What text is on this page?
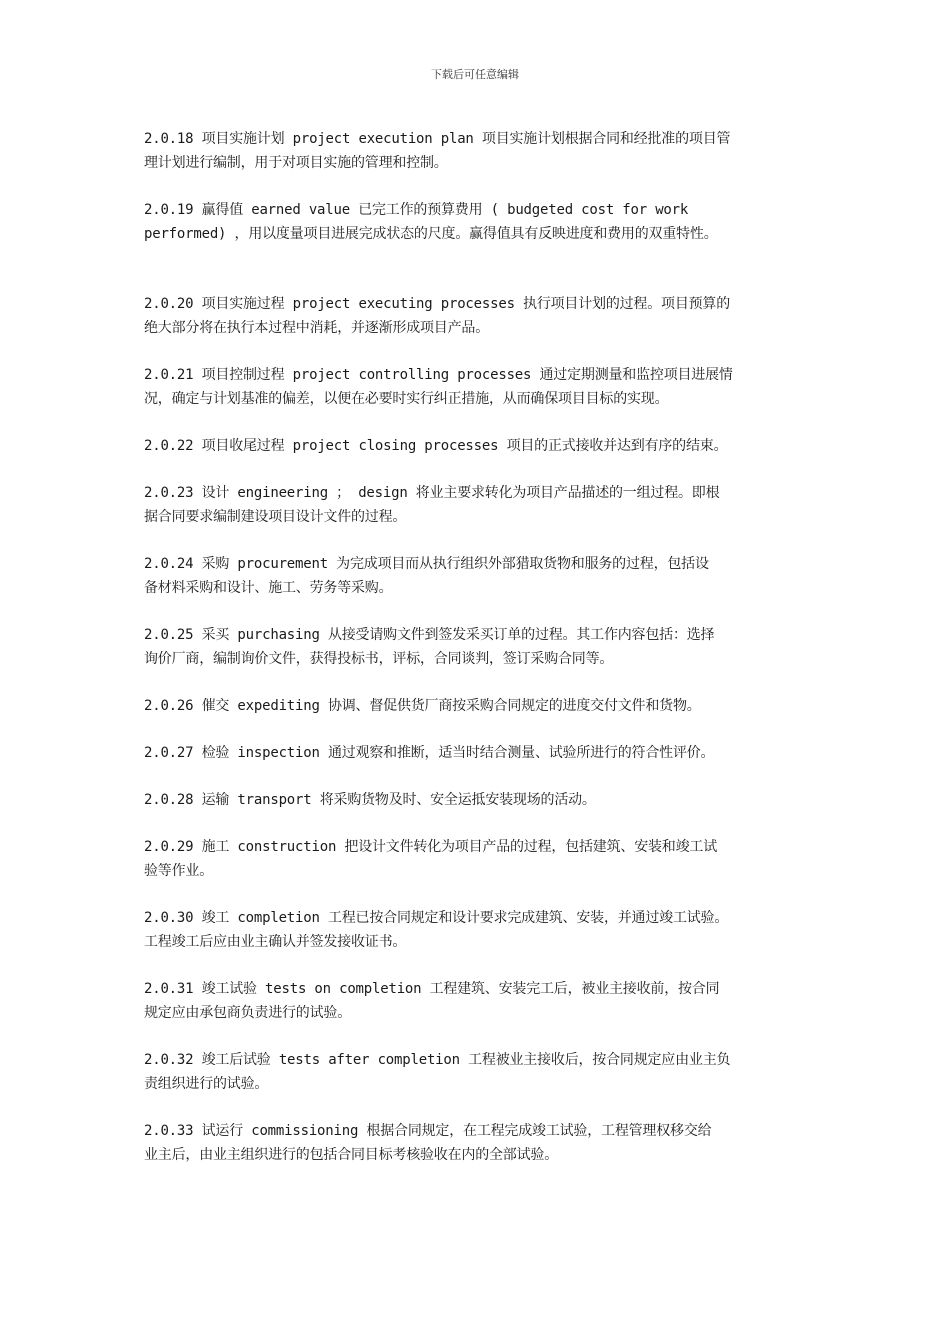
下载后可任意编辑

2.0.18 项目实施计划 project execution plan 项目实施计划根据合同和经批准的项目管
理计划进行编制，用于对项目实施的管理和控制。

2.0.19 赢得值 earned value 已完工作的预算费用 ( budgeted cost for work
performed) ，用以度量项目进展完成状态的尺度。赢得值具有反映进度和费用的双重特性。

2.0.20 项目实施过程 project executing processes 执行项目计划的过程。项目预算的
绝大部分将在执行本过程中消耗，并逐渐形成项目产品。

2.0.21 项目控制过程 project controlling processes 通过定期测量和监控项目进展情
况，确定与计划基准的偏差，以便在必要时实行纠正措施，从而确保项目目标的实现。

2.0.22 项目收尾过程 project closing processes 项目的正式接收并达到有序的结束。

2.0.23 设计 engineering ； design 将业主要求转化为项目产品描述的一组过程。即根
据合同要求编制建设项目设计文件的过程。

2.0.24 采购 procurement 为完成项目而从执行组织外部猎取货物和服务的过程，包括设
备材料采购和设计、施工、劳务等采购。

2.0.25 采买 purchasing 从接受请购文件到签发采买订单的过程。其工作内容包括：选择
询价厂商，编制询价文件，获得投标书，评标，合同谈判，签订采购合同等。

2.0.26 催交 expediting 协调、督促供货厂商按采购合同规定的进度交付文件和货物。

2.0.27 检验 inspection 通过观察和推断，适当时结合测量、试验所进行的符合性评价。

2.0.28 运输 transport 将采购货物及时、安全运抵安装现场的活动。

2.0.29 施工 construction 把设计文件转化为项目产品的过程，包括建筑、安装和竣工试
验等作业。

2.0.30 竣工 completion 工程已按合同规定和设计要求完成建筑、安装，并通过竣工试验。
工程竣工后应由业主确认并签发接收证书。

2.0.31 竣工试验 tests on completion 工程建筑、安装完工后，被业主接收前，按合同
规定应由承包商负责进行的试验。

2.0.32 竣工后试验 tests after completion 工程被业主接收后，按合同规定应由业主负
责组织进行的试验。

2.0.33 试运行 commissioning 根据合同规定，在工程完成竣工试验，工程管理权移交给
业主后，由业主组织进行的包括合同目标考核验收在内的全部试验。
